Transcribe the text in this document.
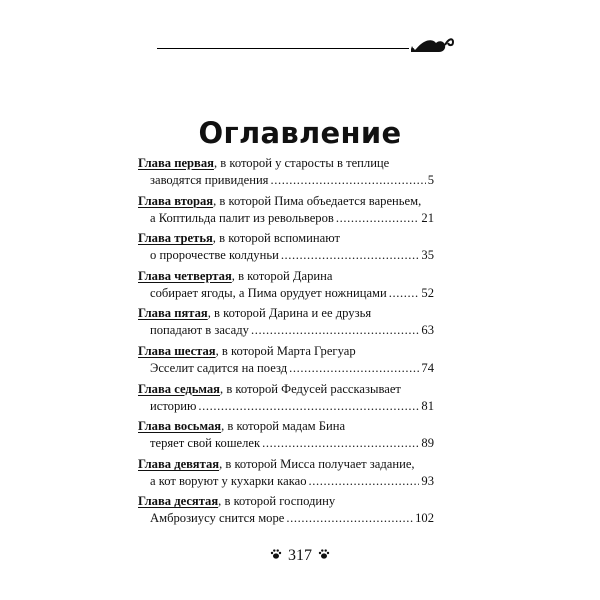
Оглавление
Глава первая, в которой у старосты в теплице
заводятся привидения .....	5
Глава вторая, в которой Пима объедается вареньем,
а Коптильда палит из револьверов .....	21
Глава третья, в которой вспоминают
о пророчестве колдуньи .....	35
Глава четвертая, в которой Дарина
собирает ягоды, а Пима орудует ножницами .....	52
Глава пятая, в которой Дарина и ее друзья
попадают в засаду .....	63
Глава шестая, в которой Марта Грегуар
Эсселит садится на поезд .....	74
Глава седьмая, в которой Федусей рассказывает
историю .....	81
Глава восьмая, в которой мадам Бина
теряет свой кошелек .....	89
Глава девятая, в которой Мисса получает задание,
а кот воруют у кухарки какао .....	93
Глава десятая, в которой господину
Амброзиусу снится море .....	102
317
